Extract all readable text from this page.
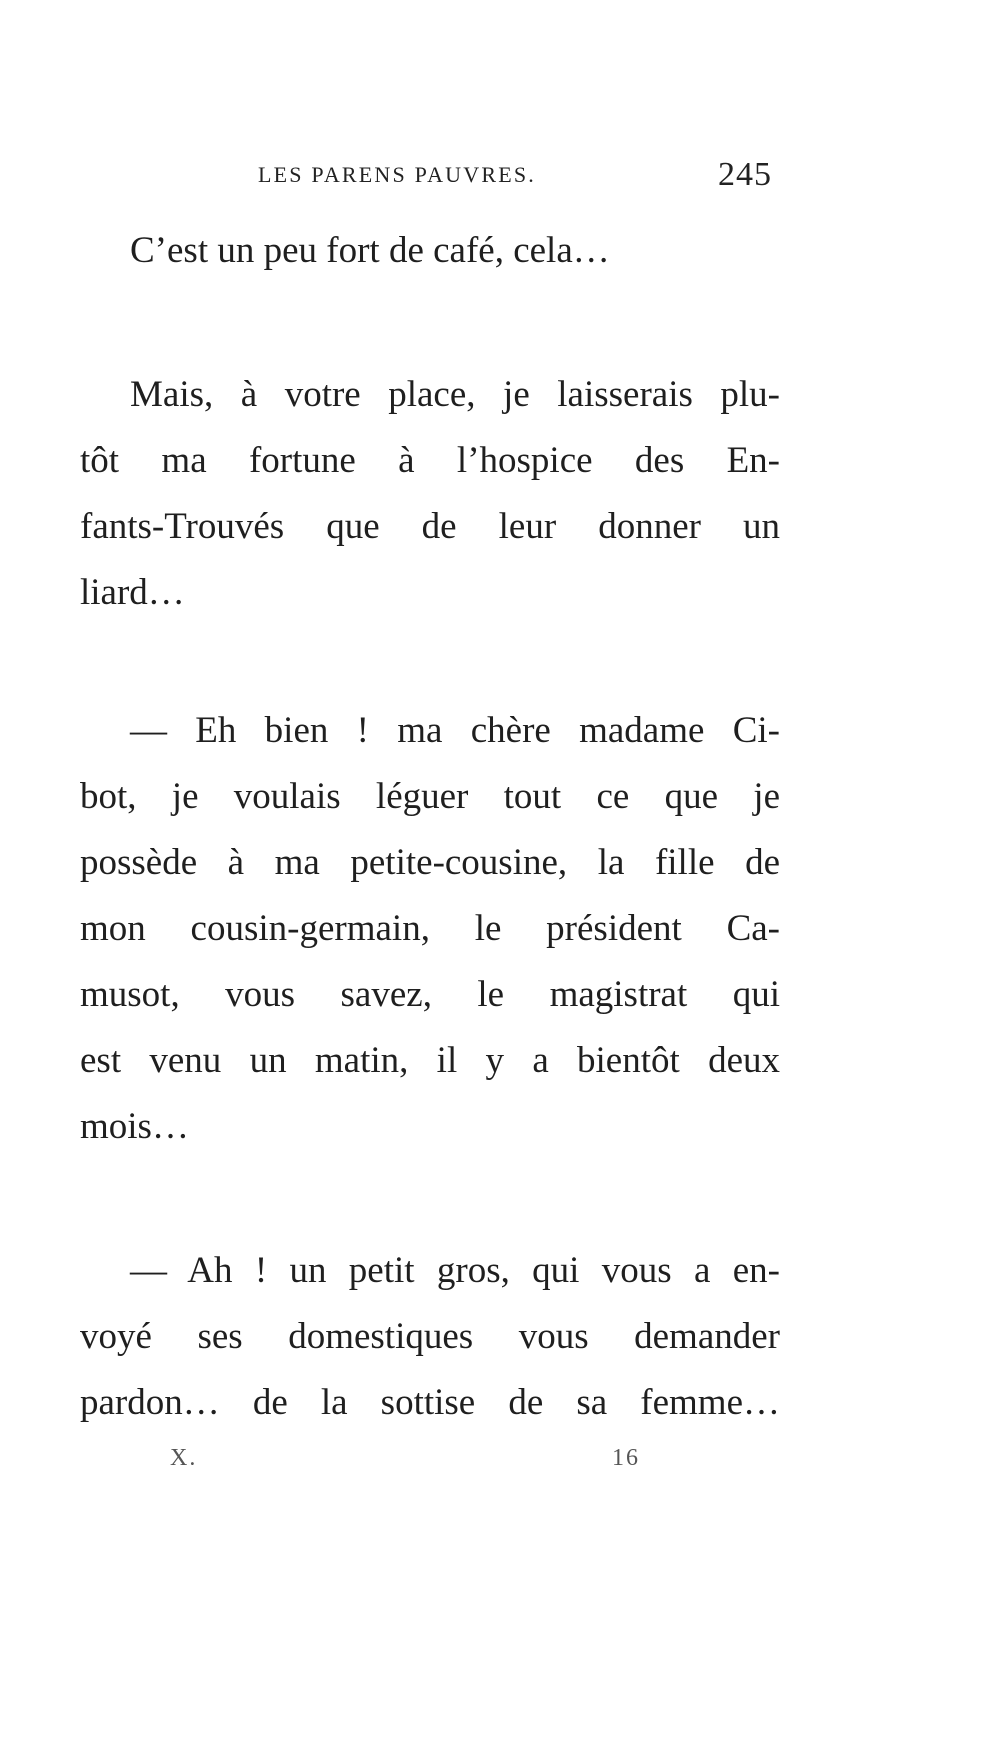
LES PARENS PAUVRES.	245
C’est un peu fort de café, cela…
Mais, à votre place, je laisserais plu-
tôt ma fortune à l’hospice des En-
fants-Trouvés que de leur donner un
liard…
— Eh bien ! ma chère madame Ci-
bot, je voulais léguer tout ce que je
possède à ma petite-cousine, la fille de
mon cousin-germain, le président Ca-
musot, vous savez, le magistrat qui
est venu un matin, il y a bientôt deux
mois…
— Ah ! un petit gros, qui vous a en-
voyé ses domestiques vous demander
pardon… de la sottise de sa femme…
X.	16
